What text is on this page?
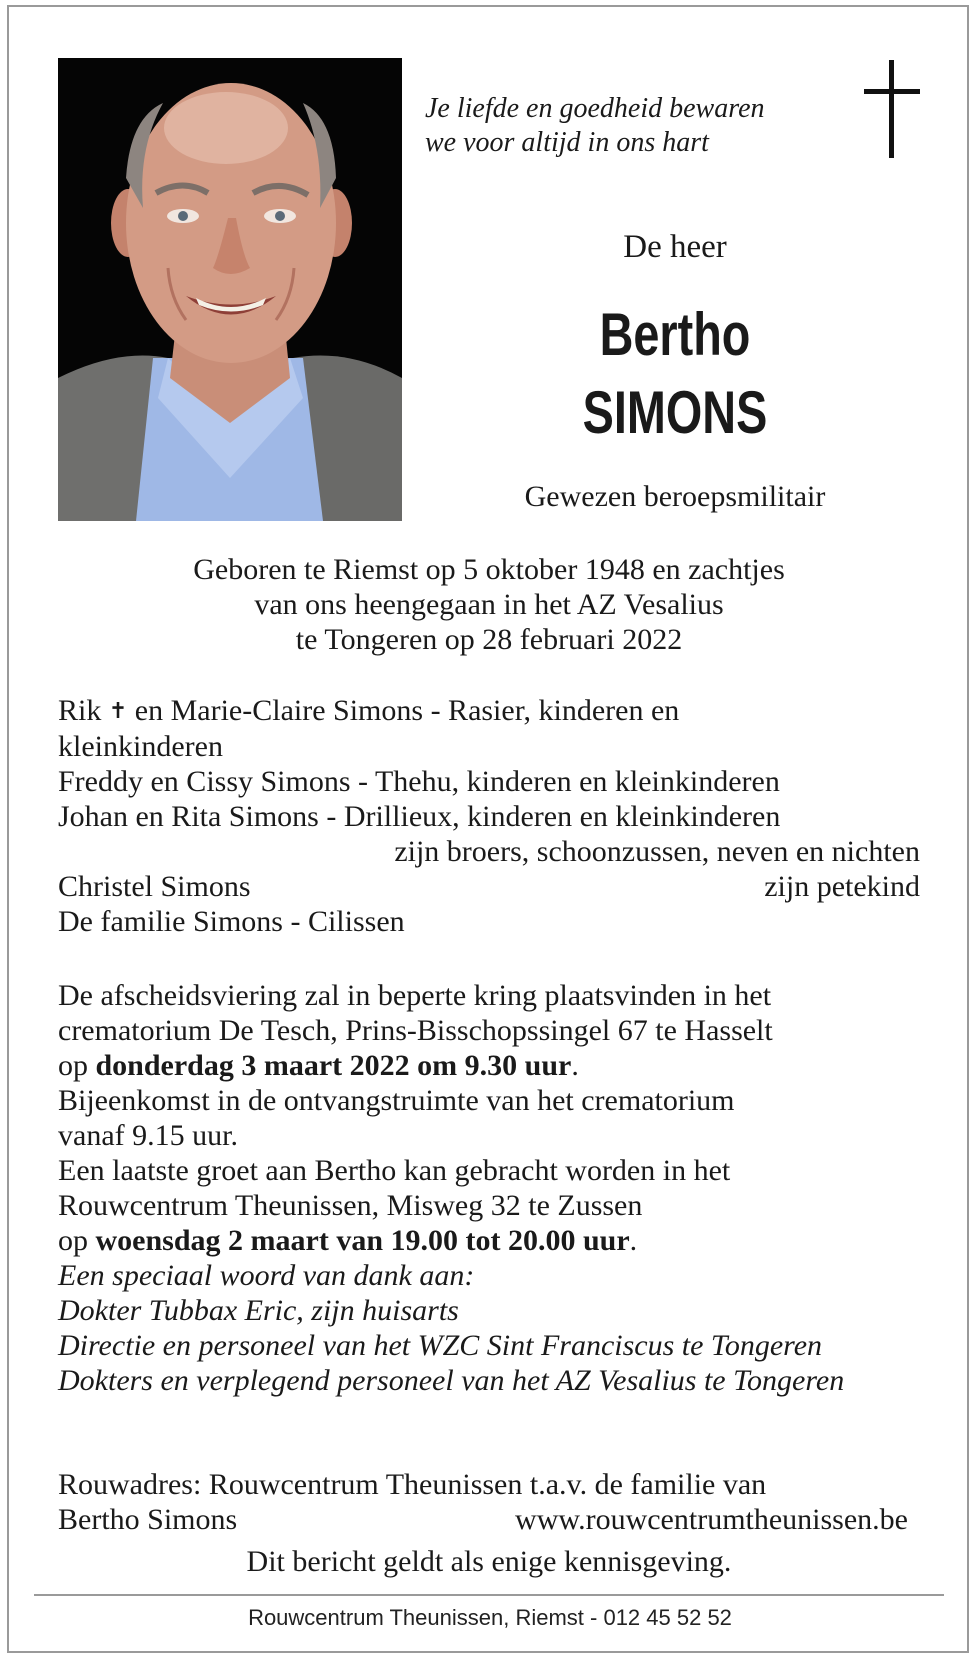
Je liefde en goedheid bewaren
we voor altijd in ons hart
De heer
Bertho
SIMONS
Gewezen beroepsmilitair
Geboren te Riemst op 5 oktober 1948 en zachtjes
van ons heengegaan in het AZ Vesalius
te Tongeren op 28 februari 2022
Rik ✝ en Marie-Claire Simons - Rasier, kinderen en
kleinkinderen
Freddy en Cissy Simons - Thehu, kinderen en kleinkinderen
Johan en Rita Simons - Drillieux, kinderen en kleinkinderen
zijn broers, schoonzussen, neven en nichten
Christel Simons	zijn petekind
De familie Simons - Cilissen
De afscheidsviering zal in beperte kring plaatsvinden in het
crematorium De Tesch, Prins-Bisschopssingel 67 te Hasselt
op donderdag 3 maart 2022 om 9.30 uur.
Bijeenkomst in de ontvangstruimte van het crematorium
vanaf 9.15 uur.
Een laatste groet aan Bertho kan gebracht worden in het
Rouwcentrum Theunissen, Misweg 32 te Zussen
op woensdag 2 maart van 19.00 tot 20.00 uur.
Een speciaal woord van dank aan:
Dokter Tubbax Eric, zijn huisarts
Directie en personeel van het WZC Sint Franciscus te Tongeren
Dokters en verplegend personeel van het AZ Vesalius te Tongeren
Rouwadres: Rouwcentrum Theunissen t.a.v. de familie van
Bertho Simons	www.rouwcentrumtheunissen.be
Dit bericht geldt als enige kennisgeving.
Rouwcentrum Theunissen, Riemst - 012 45 52 52
